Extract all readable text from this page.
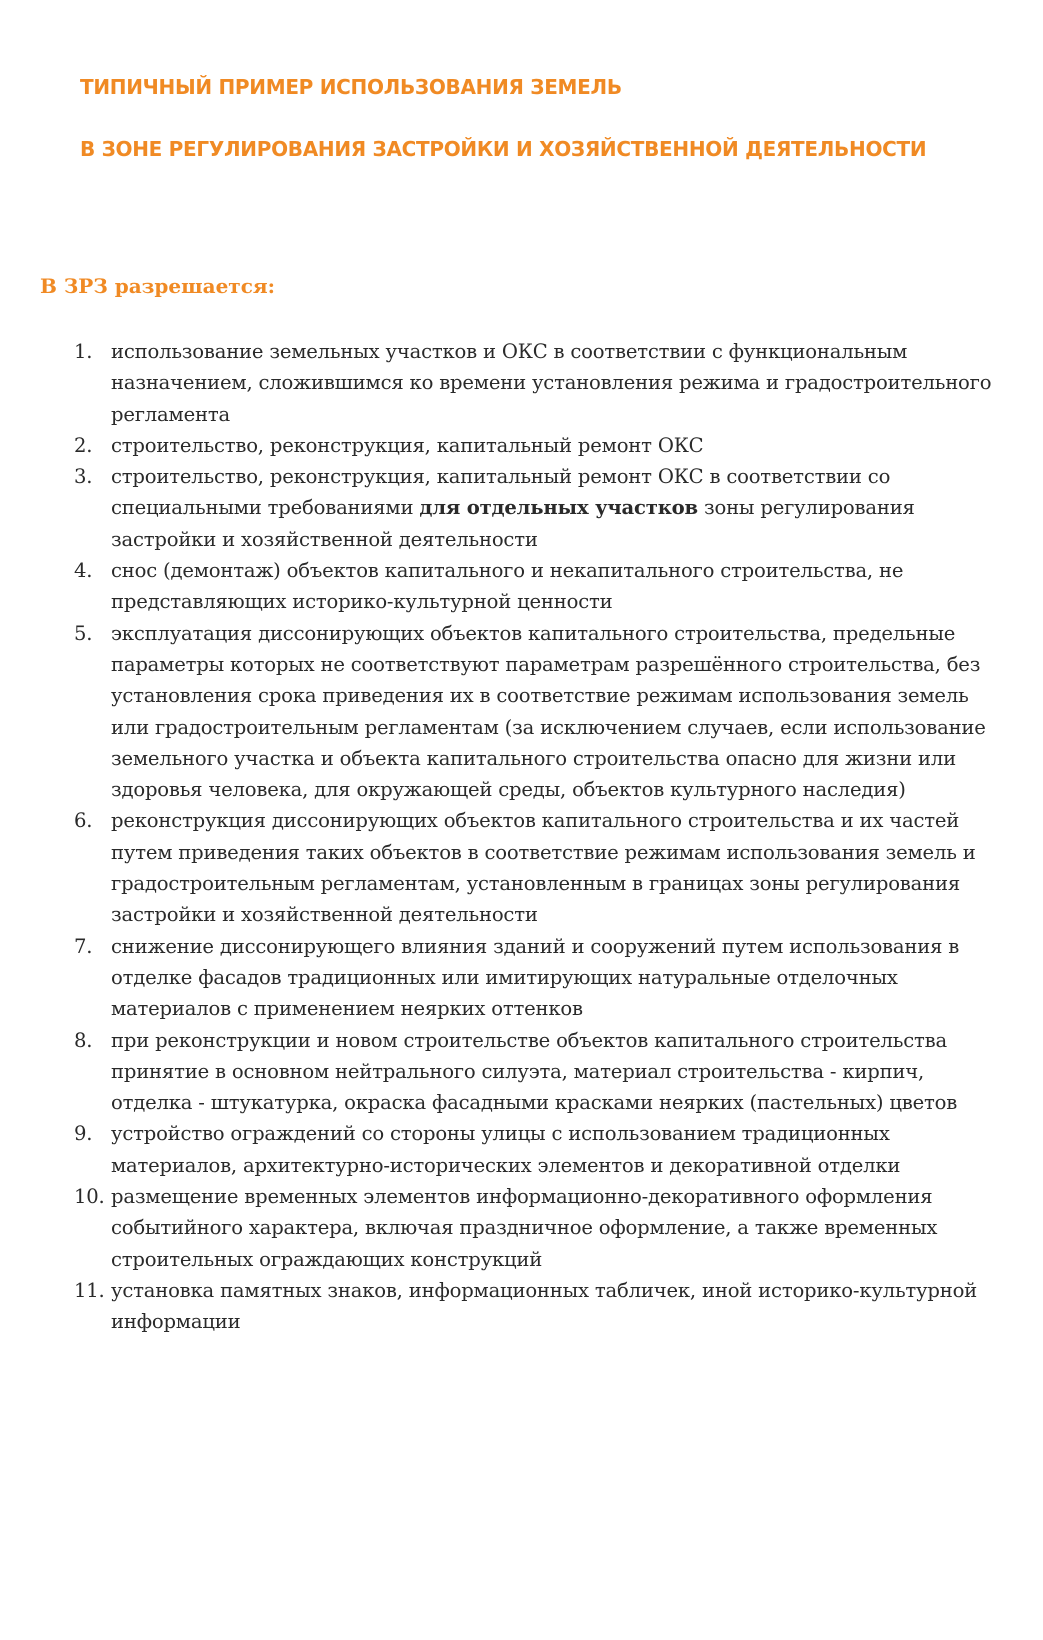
ТИПИЧНЫЙ ПРИМЕР ИСПОЛЬЗОВАНИЯ ЗЕМЕЛЬ
В ЗОНЕ РЕГУЛИРОВАНИЯ ЗАСТРОЙКИ И ХОЗЯЙСТВЕННОЙ ДЕЯТЕЛЬНОСТИ
В ЗРЗ разрешается:
1. использование земельных участков и ОКС в соответствии с функциональным назначением, сложившимся ко времени установления режима и градостроительного регламента
2. строительство, реконструкция, капитальный ремонт ОКС
3. строительство, реконструкция, капитальный ремонт ОКС в соответствии со специальными требованиями для отдельных участков зоны регулирования застройки и хозяйственной деятельности
4. снос (демонтаж) объектов капитального и некапитального строительства, не представляющих историко-культурной ценности
5. эксплуатация диссонирующих объектов капитального строительства, предельные параметры которых не соответствуют параметрам разрешённого строительства, без установления срока приведения их в соответствие режимам использования земель или градостроительным регламентам (за исключением случаев, если использование земельного участка и объекта капитального строительства опасно для жизни или здоровья человека, для окружающей среды, объектов культурного наследия)
6. реконструкция диссонирующих объектов капитального строительства и их частей путем приведения таких объектов в соответствие режимам использования земель и градостроительным регламентам, установленным в границах зоны регулирования застройки и хозяйственной деятельности
7. снижение диссонирующего влияния зданий и сооружений путем использования в отделке фасадов традиционных или имитирующих натуральные отделочных материалов с применением неярких оттенков
8. при реконструкции и новом строительстве объектов капитального строительства принятие в основном нейтрального силуэта, материал строительства - кирпич, отделка - штукатурка, окраска фасадными красками неярких (пастельных) цветов
9. устройство ограждений со стороны улицы с использованием традиционных материалов, архитектурно-исторических элементов и декоративной отделки
10. размещение временных элементов информационно-декоративного оформления событийного характера, включая праздничное оформление, а также временных строительных ограждающих конструкций
11. установка памятных знаков, информационных табличек, иной историко-культурной информации
